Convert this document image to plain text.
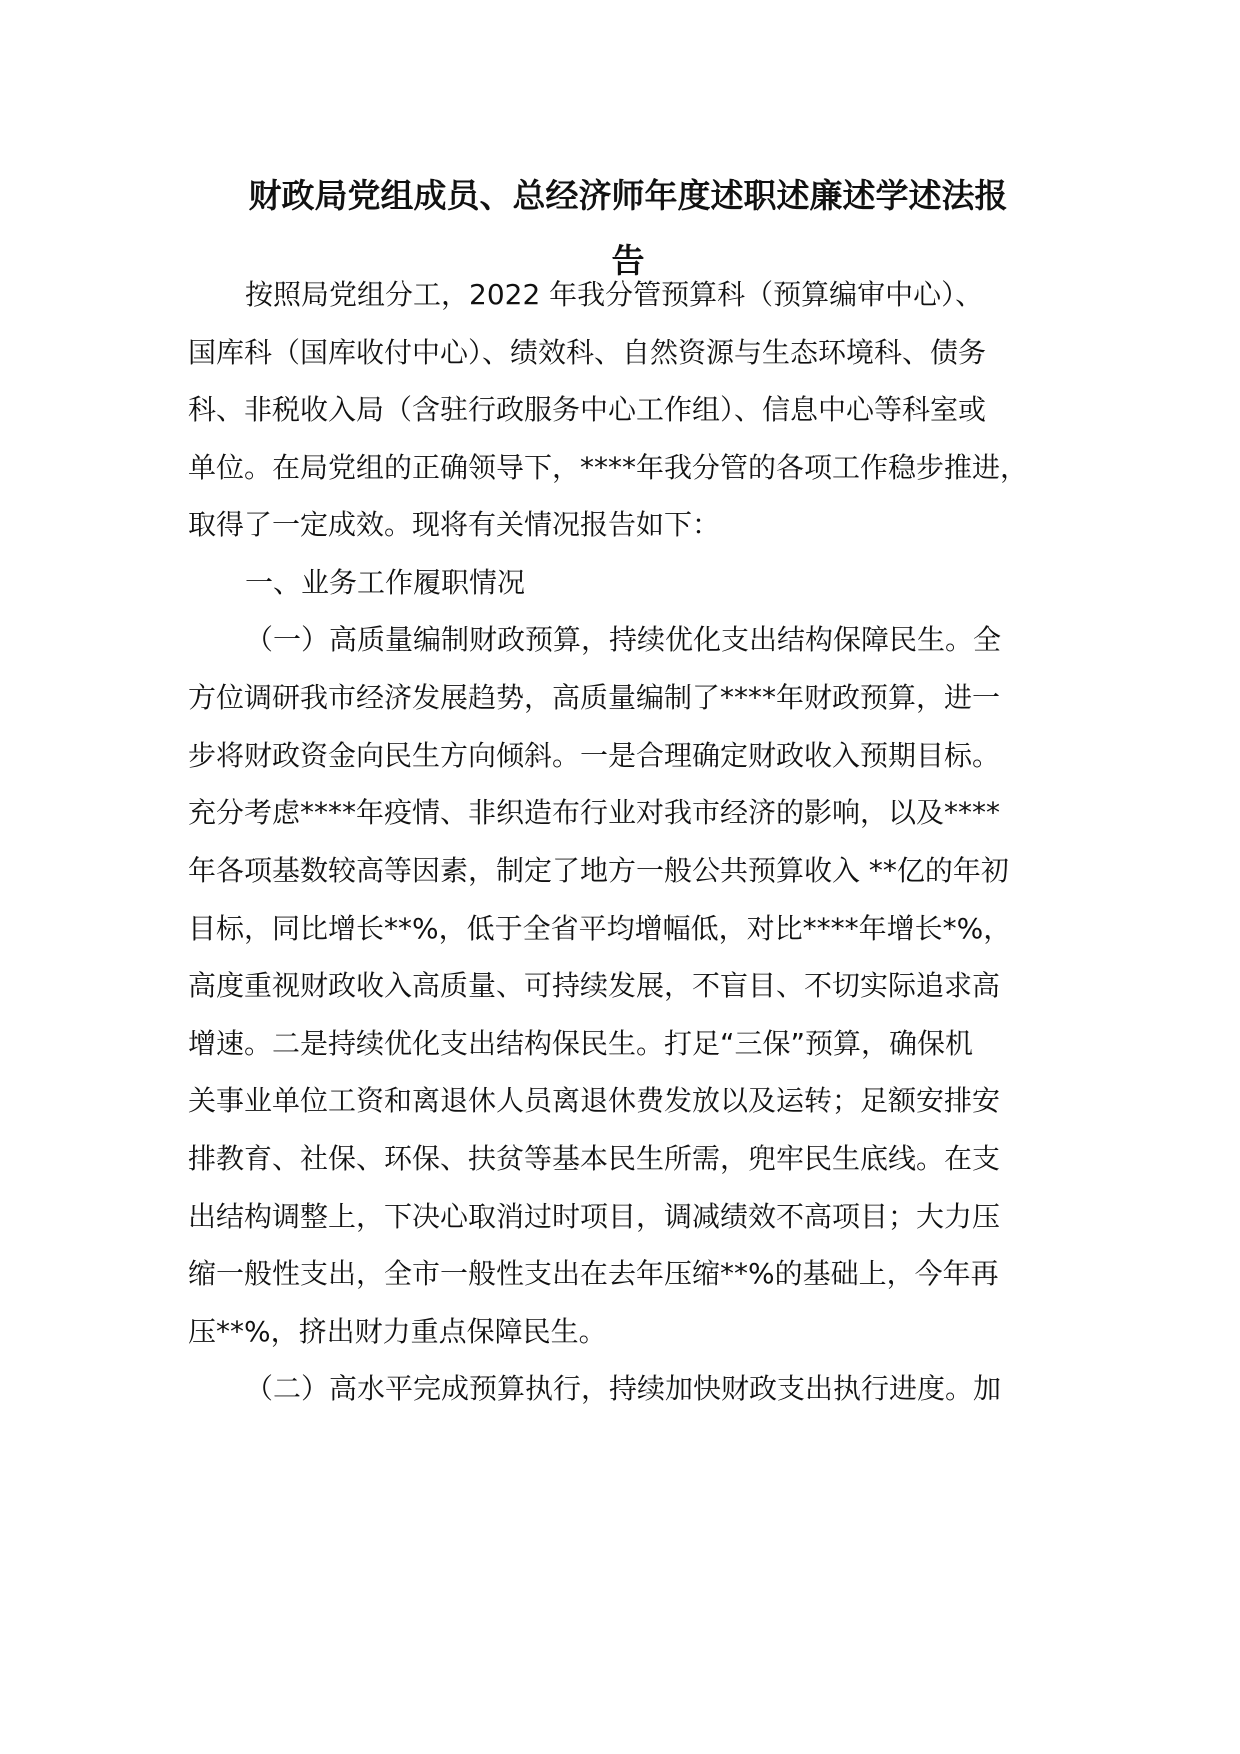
财政局党组成员、总经济师年度述职述廉述学述法报
告

按照局党组分工，2022 年我分管预算科（预算编审中心）、

国库科（国库收付中心）、绩效科、自然资源与生态环境科、债务

科、非税收入局（含驻行政服务中心工作组）、信息中心等科室或

单位。在局党组的正确领导下，****年我分管的各项工作稳步推进，

取得了一定成效。现将有关情况报告如下：

一、业务工作履职情况

（一）高质量编制财政预算，持续优化支出结构保障民生。全

方位调研我市经济发展趋势，高质量编制了****年财政预算，进一

步将财政资金向民生方向倾斜。一是合理确定财政收入预期目标。

充分考虑****年疫情、非织造布行业对我市经济的影响，以及****

年各项基数较高等因素，制定了地方一般公共预算收入 **亿的年初

目标，同比增长**%，低于全省平均增幅低，对比****年增长*%，

高度重视财政收入高质量、可持续发展，不盲目、不切实际追求高

增速。二是持续优化支出结构保民生。打足“三保”预算，确保机

关事业单位工资和离退休人员离退休费发放以及运转；足额安排安

排教育、社保、环保、扶贫等基本民生所需，兜牢民生底线。在支

出结构调整上，下决心取消过时项目，调减绩效不高项目；大力压

缩一般性支出，全市一般性支出在去年压缩**%的基础上，今年再

压**%，挤出财力重点保障民生。

（二）高水平完成预算执行，持续加快财政支出执行进度。加
